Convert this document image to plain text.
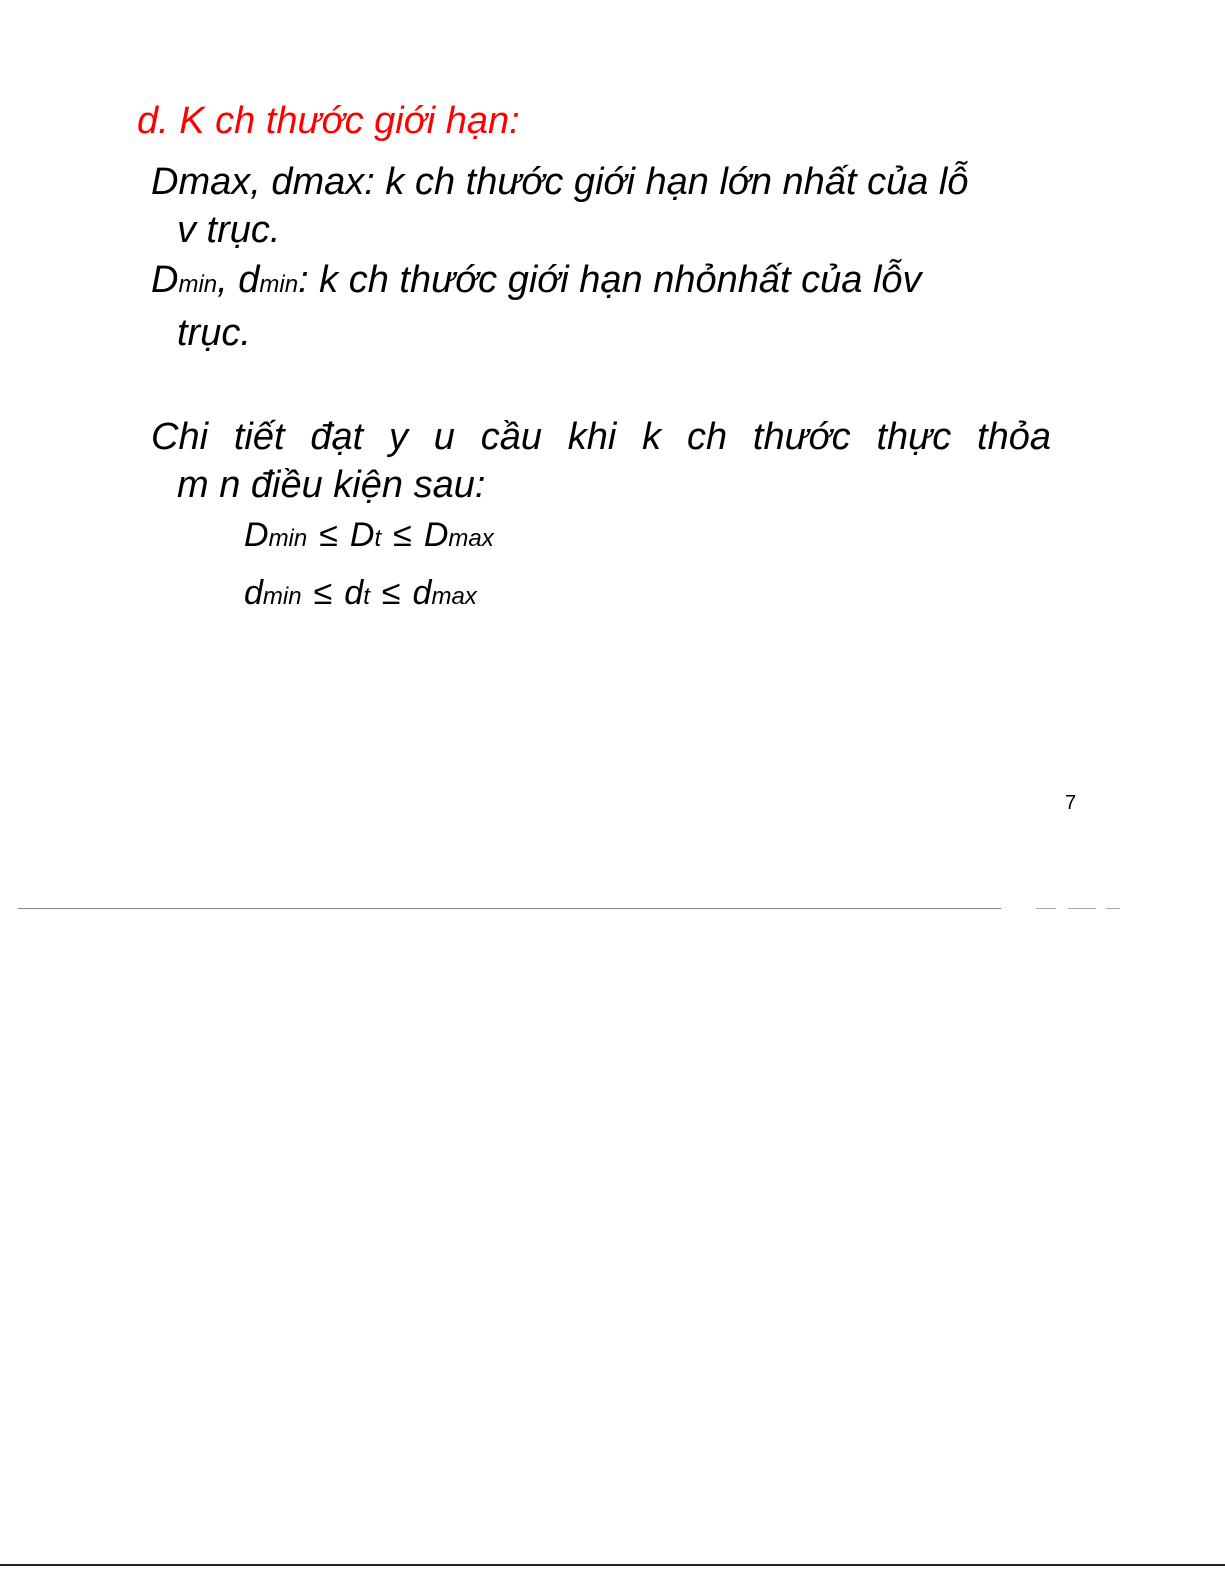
d. K ch thước giới hạn:

Dmax, dmax: k ch thước giới hạn lớn nhất của lỗ
v trục.

Dmin, dmin: k ch thước giới hạn nhỏnhất của lỗv
trục.

Chi tiết đạt y u cầu khi k ch thước thực thỏa
m n điều kiện sau:

Dmin ≤ Dt ≤ Dmax
dmin ≤ dt ≤ dmax
7
